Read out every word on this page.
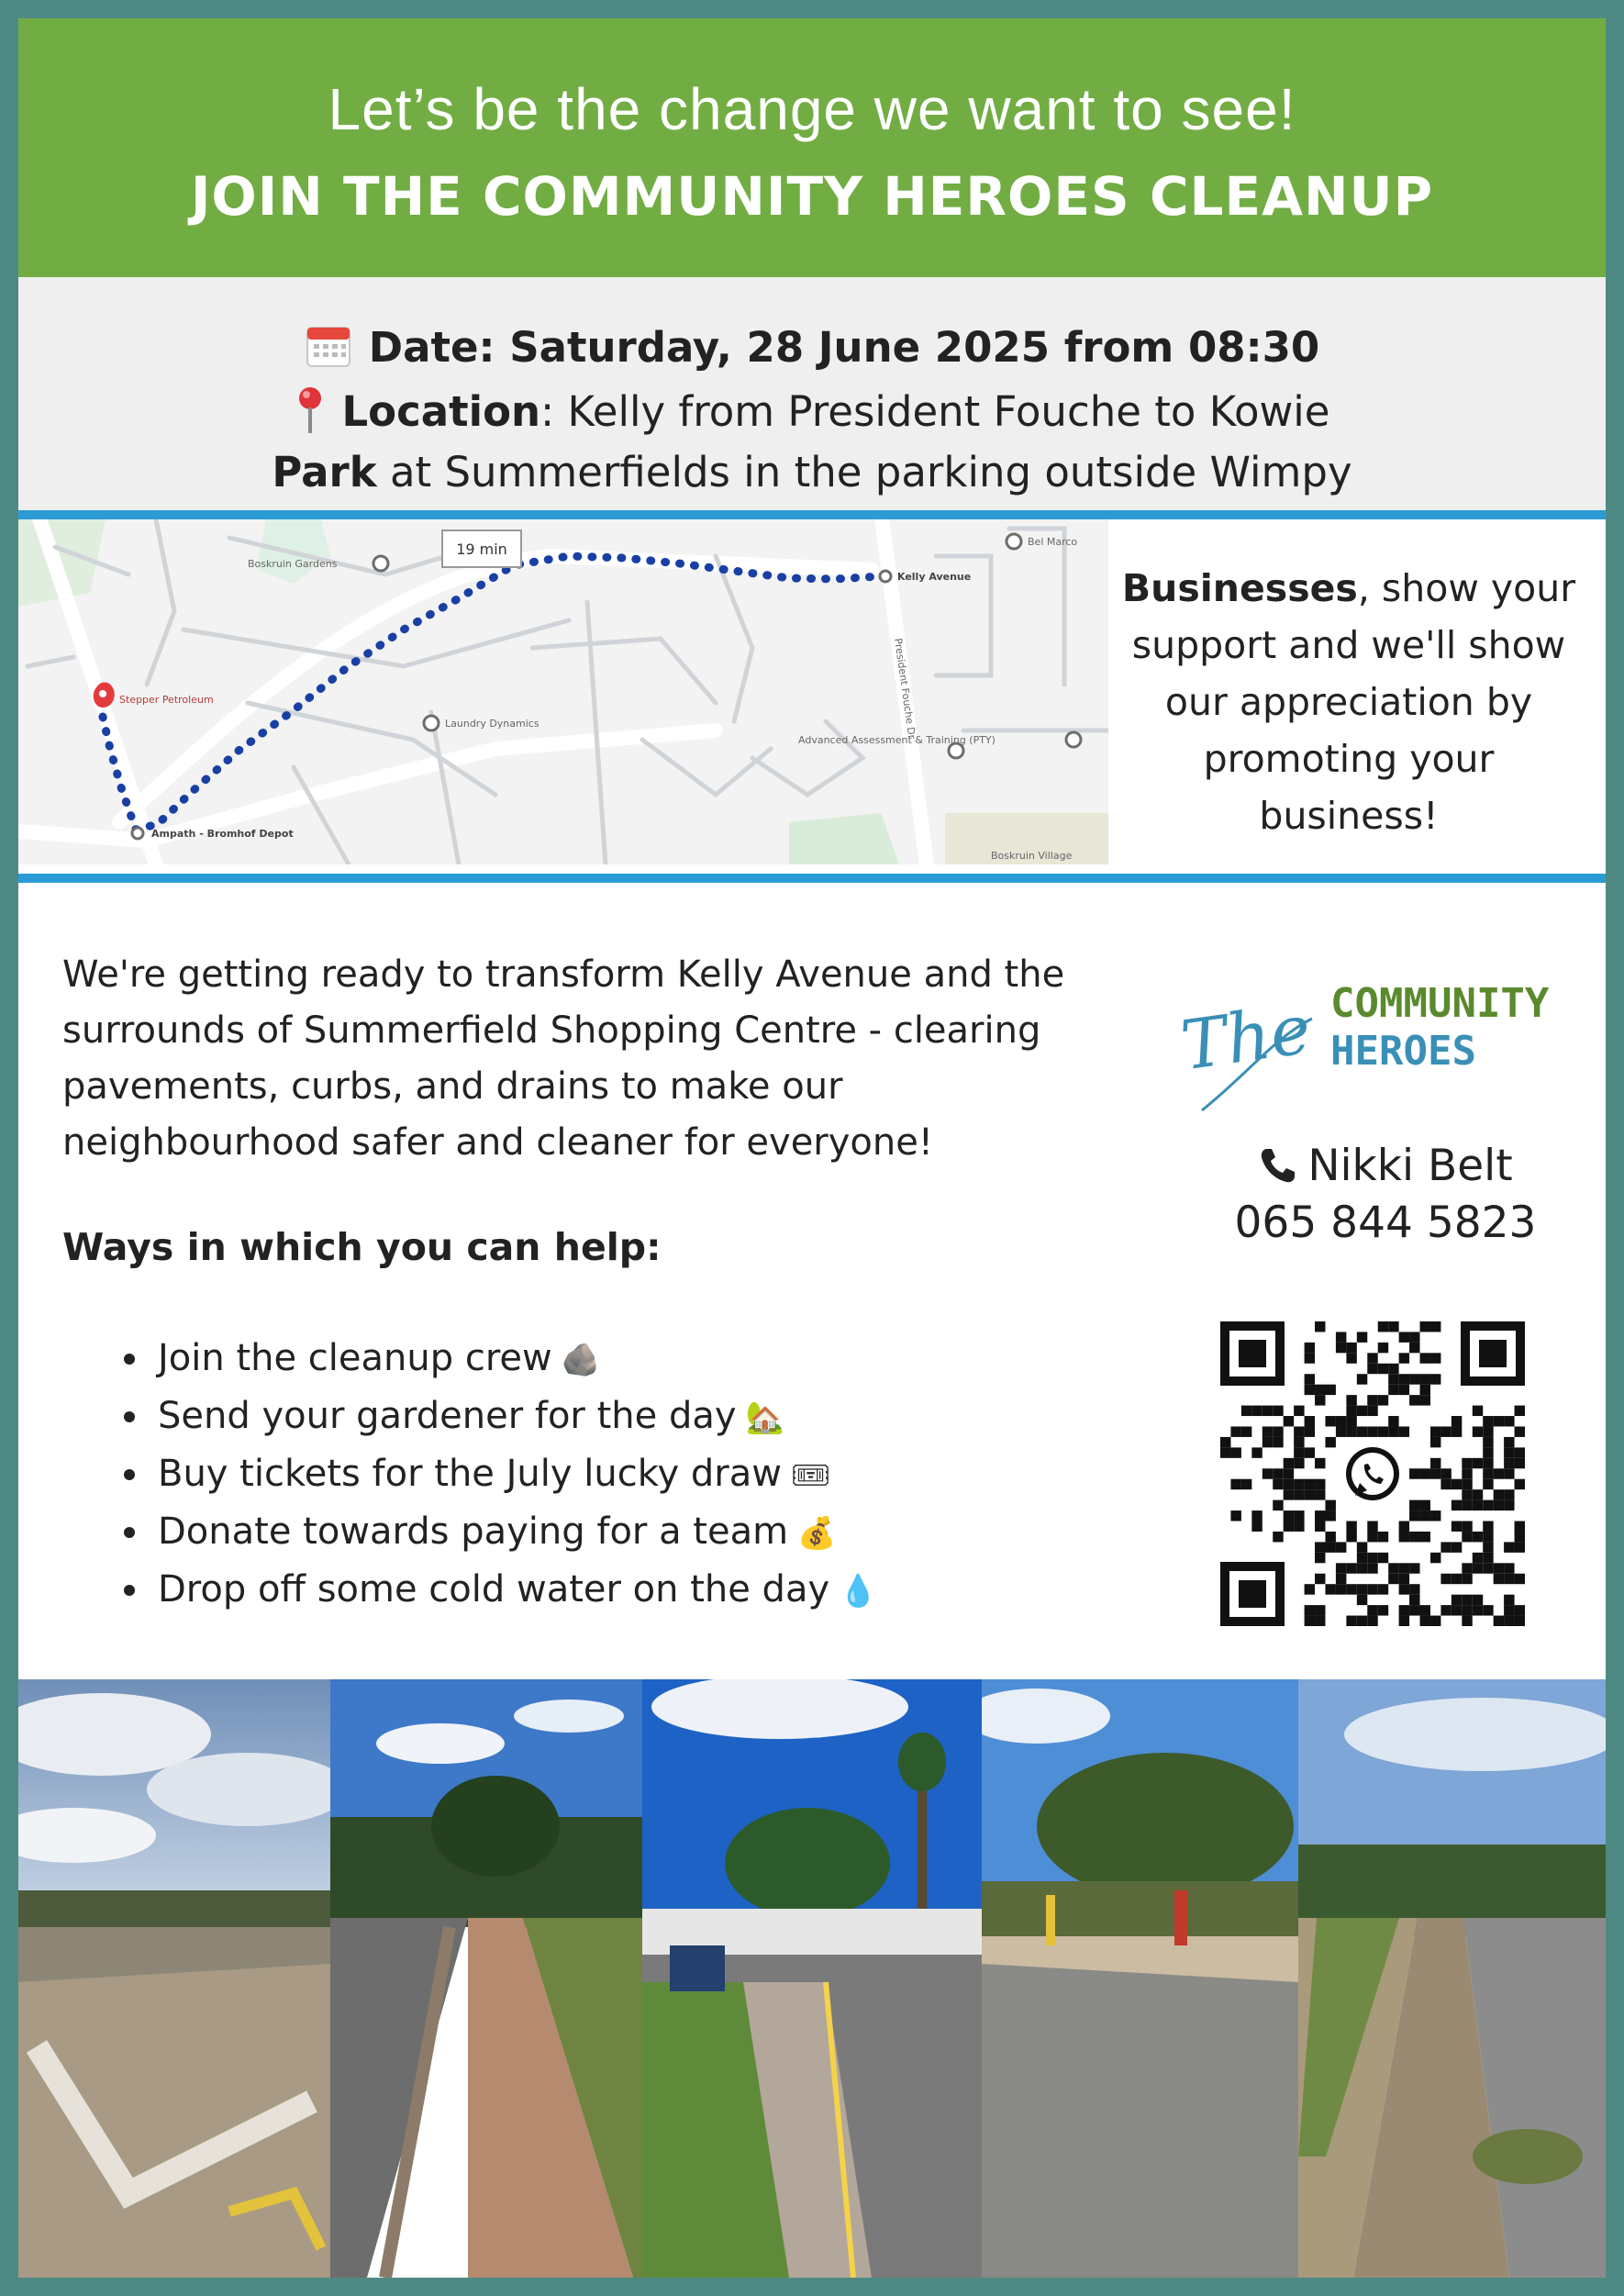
Let’s be the change we want to see!
JOIN THE COMMUNITY HEROES CLEANUP
Date: Saturday, 28 June 2025 from 08:30
Location: Kelly from President Fouche to Kowie
Park at Summerfields in the parking outside Wimpy
19 min
Boskruin Gardens
Kelly Avenue
Bel Marco
Stepper Petroleum
Laundry Dynamics
Advanced Assessment & Training (PTY)
Ampath - Bromhof Depot
Boskruin Village
President Fouche Dr
Businesses, show your support and we'll show our appreciation by promoting your business!
We're getting ready to transform Kelly Avenue and the surrounds of Summerfield Shopping Centre - clearing pavements, curbs, and drains to make our neighbourhood safer and cleaner for everyone!
Ways in which you can help:
• Join the cleanup crew 🪨
• Send your gardener for the day 🏡
• Buy tickets for the July lucky draw 🎟
• Donate towards paying for a team 💰
• Drop off some cold water on the day 💧
The COMMUNITY
HEROES
Nikki Belt
065 844 5823
